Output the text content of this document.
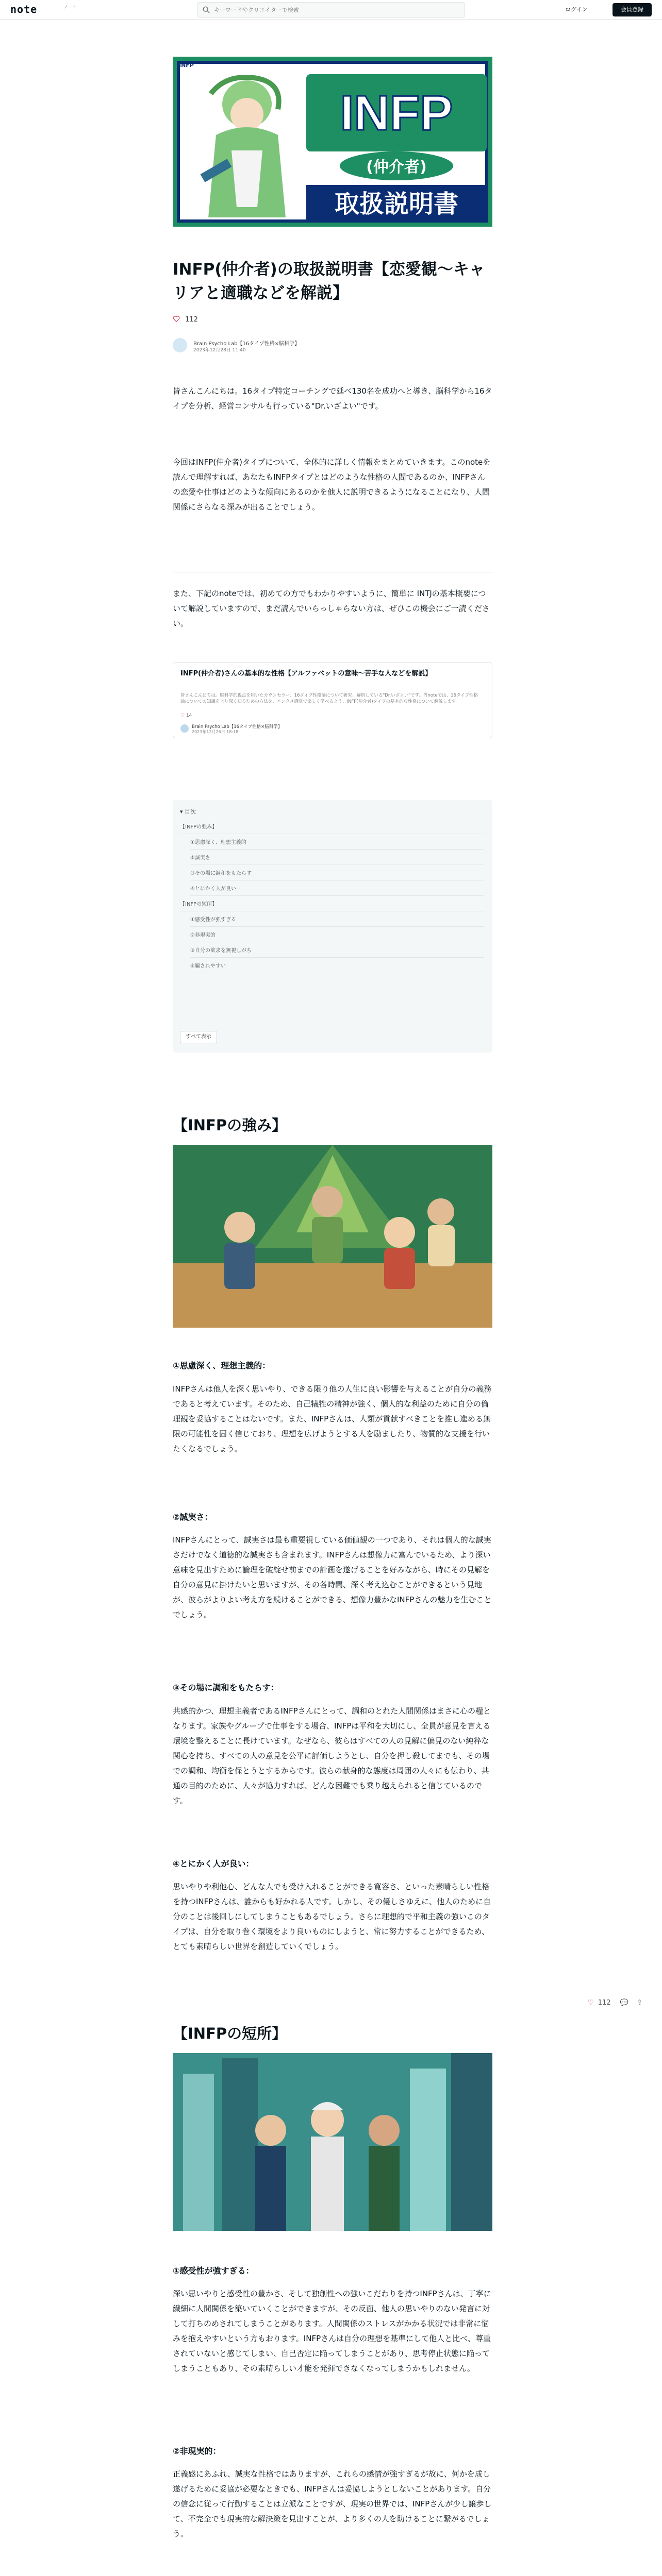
note	ノート
キーワードやクリエイターで検索	ログイン	会員登録
INFP
(仲介者)
取扱説明書
INFP
INFP(仲介者)の取扱説明書【恋愛観～キャリアと適職などを解説】
112
Brain Psycho Lab【16タイプ性格×脳科学】
2023年12月28日 11:40

皆さんこんにちは。16タイプ特定コーチングで延べ130名を成功へと導き、脳科学から16タイプを分析、経営コンサルも行っている"Dr.いざよい"です。

今回はINFP(仲介者)タイプについて、全体的に詳しく情報をまとめていきます。このnoteを読んで理解すれば、あなたもINFPタイプとはどのような性格の人間であるのか、INFPさんの恋愛や仕事はどのような傾向にあるのかを他人に説明できるようになることになり、人間関係にさらなる深みが出ることでしょう。

また、下記のnoteでは、初めての方でもわかりやすいように、簡単に INTJの基本概要について解説していますので、まだ読んでいらっしゃらない方は、ぜひこの機会にご一読ください。

INFP(仲介者)さんの基本的な性格【アルファベットの意味～苦手な人などを解説】
皆さんこんにちは。脳科学的視点を用いたカウンセラー、16タイプ性格論について研究、解析している"Dr.いざよい"です。当noteでは、16タイプ性格論についての知識をより深く知るための方法を、エンタメ感覚で楽しく学べるよう、INFP(仲介者)タイプの基本的な性格について解説します。
♡ 14
Brain Psycho Lab【16タイプ性格×脳科学】
2023年12月26日 18:18
▾ 目次
【INFPの強み】
①思慮深く、理想主義的
②誠実さ
③その場に調和をもたらす
④とにかく人が良い
【INFPの短所】
①感受性が強すぎる
②非現実的
③自分の欲求を無視しがち
④騙されやすい
すべて表示
【INFPの強み】
①思慮深く、理想主義的：

INFPさんは他人を深く思いやり、できる限り他の人生に良い影響を与えることが自分の義務であると考えています。そのため、自己犠牲の精神が強く、個人的な利益のために自分の倫理観を妥協することはないです。また、INFPさんは、人類が貢献すべきことを推し進める無限の可能性を固く信じており、理想を広げようとする人を励ましたり、物質的な支援を行いたくなるでしょう。

②誠実さ：

INFPさんにとって、誠実さは最も重要視している価値観の一つであり、それは個人的な誠実さだけでなく道徳的な誠実さも含まれます。INFPさんは想像力に富んでいるため、より深い意味を見出すために論理を破綻せ前までの計画を遂げることを好みながら、時にその見解を自分の意見に掛けたいと思いますが、その各時間、深く考え込むことができるという見地が、彼らがよりよい考え方を続けることができる、想像力豊かなINFPさんの魅力を生むことでしょう。

③その場に調和をもたらす：

共感的かつ、理想主義者であるINFPさんにとって、調和のとれた人間関係はまさに心の糧となります。家族やグループで仕事をする場合、INFPは平和を大切にし、全員が意見を言える環境を整えることに長けています。なぜなら、彼らはすべての人の見解に偏見のない純粋な関心を持ち、すべての人の意見を公平に評価しようとし、自分を押し殺してまでも、その場での調和、均衡を保とうとするからです。彼らの献身的な態度は周囲の人々にも伝わり、共通の目的のために、人々が協力すれば、どんな困難でも乗り越えられると信じているのです。

④とにかく人が良い：

思いやりや利他心、どんな人でも受け入れることができる寛容さ、といった素晴らしい性格を持つINFPさんは、誰からも好かれる人です。しかし、その優しさゆえに、他人のために自分のことは後回しにしてしまうこともあるでしょう。さらに理想的で平和主義の強いこのタイプは、自分を取り巻く環境をより良いものにしようと、常に努力することができるため、とても素晴らしい世界を創造していくでしょう。

♡ 112 💬 ⇪
【INFPの短所】
①感受性が強すぎる：

深い思いやりと感受性の豊かさ、そして独創性への強いこだわりを持つINFPさんは、丁寧に繊細に人間関係を築いていくことができますが、その反面、他人の思いやりのない発言に対して打ちのめされてしまうことがあります。人間関係のストレスがかかる状況では非常に悩みを抱えやすいという方もおります。INFPさんは自分の理想を基準にして他人と比べ、尊重されていないと感じてしまい、自己否定に陥ってしまうことがあり、思考停止状態に陥ってしまうこともあり、その素晴らしい才能を発揮できなくなってしまうかもしれません。

②非現実的：

正義感にあふれ、誠実な性格ではありますが、これらの感情が強すぎるが故に、何かを成し遂げるために妥協が必要なときでも、INFPさんは妥協しようとしないことがあります。自分の信念に従って行動することは立派なことですが、現実の世界では、INFPさんが少し譲歩して、不完全でも現実的な解決策を見出すことが、より多くの人を助けることに繋がるでしょう。
